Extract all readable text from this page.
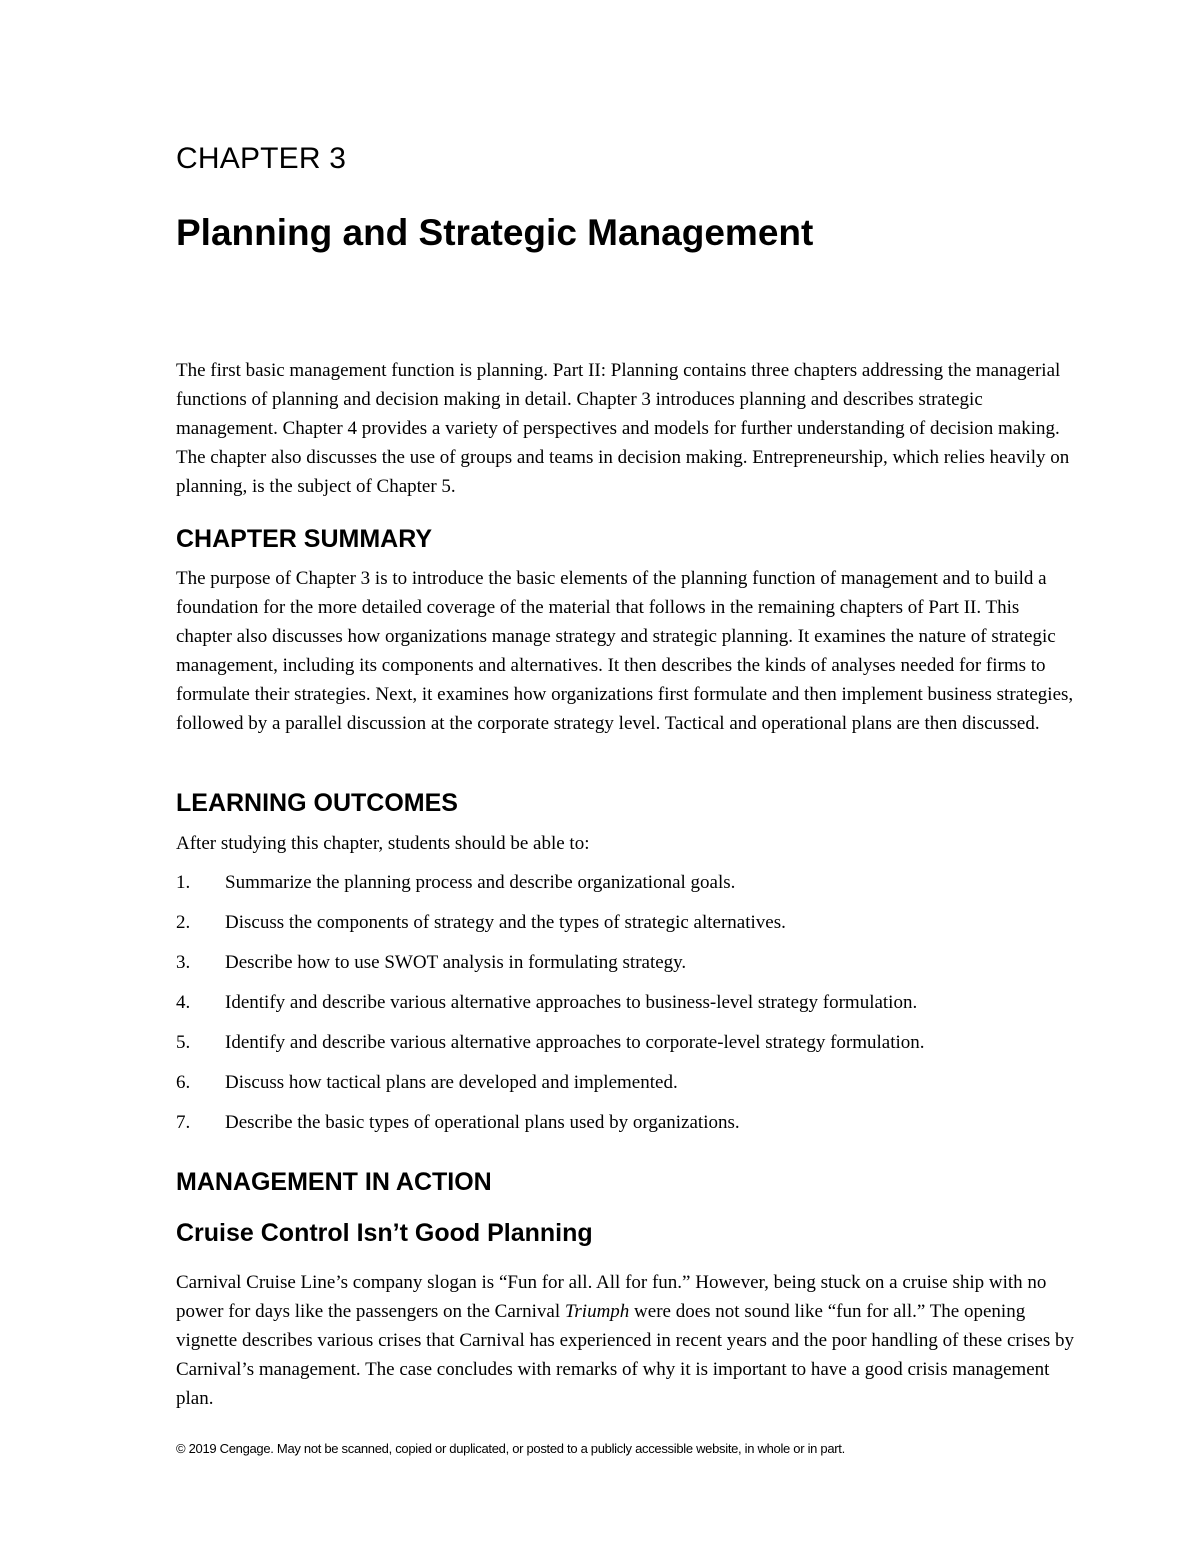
CHAPTER 3
Planning and Strategic Management

The first basic management function is planning. Part II: Planning contains three chapters addressing the managerial functions of planning and decision making in detail. Chapter 3 introduces planning and describes strategic management. Chapter 4 provides a variety of perspectives and models for further understanding of decision making. The chapter also discusses the use of groups and teams in decision making. Entrepreneurship, which relies heavily on planning, is the subject of Chapter 5.

CHAPTER SUMMARY

The purpose of Chapter 3 is to introduce the basic elements of the planning function of management and to build a foundation for the more detailed coverage of the material that follows in the remaining chapters of Part II. This chapter also discusses how organizations manage strategy and strategic planning. It examines the nature of strategic management, including its components and alternatives. It then describes the kinds of analyses needed for firms to formulate their strategies. Next, it examines how organizations first formulate and then implement business strategies, followed by a parallel discussion at the corporate strategy level. Tactical and operational plans are then discussed.

LEARNING OUTCOMES

After studying this chapter, students should be able to:

1.	Summarize the planning process and describe organizational goals.
2.	Discuss the components of strategy and the types of strategic alternatives.
3.	Describe how to use SWOT analysis in formulating strategy.
4.	Identify and describe various alternative approaches to business-level strategy formulation.
5.	Identify and describe various alternative approaches to corporate-level strategy formulation.
6.	Discuss how tactical plans are developed and implemented.
7.	Describe the basic types of operational plans used by organizations.
MANAGEMENT IN ACTION
Cruise Control Isn’t Good Planning

Carnival Cruise Line’s company slogan is “Fun for all. All for fun.” However, being stuck on a cruise ship with no power for days like the passengers on the Carnival Triumph were does not sound like “fun for all.” The opening vignette describes various crises that Carnival has experienced in recent years and the poor handling of these crises by Carnival’s management. The case concludes with remarks of why it is important to have a good crisis management plan.

© 2019 Cengage. May not be scanned, copied or duplicated, or posted to a publicly accessible website, in whole or in part.
